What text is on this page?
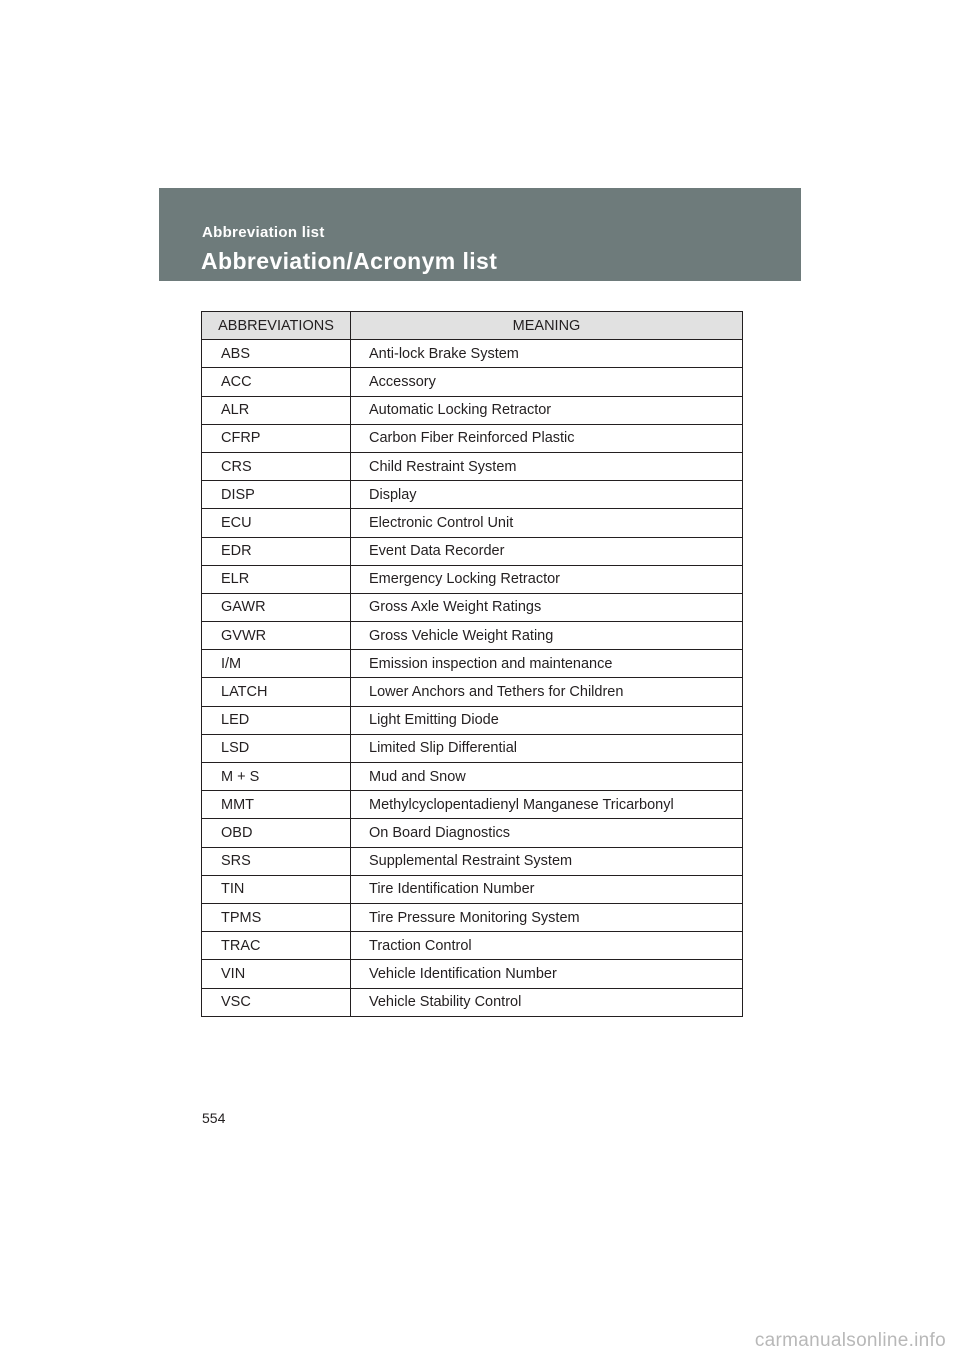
Abbreviation list
Abbreviation/Acronym list
ABBREVIATIONS	MEANING
ABS	Anti-lock Brake System
ACC	Accessory
ALR	Automatic Locking Retractor
CFRP	Carbon Fiber Reinforced Plastic
CRS	Child Restraint System
DISP	Display
ECU	Electronic Control Unit
EDR	Event Data Recorder
ELR	Emergency Locking Retractor
GAWR	Gross Axle Weight Ratings
GVWR	Gross Vehicle Weight Rating
I/M	Emission inspection and maintenance
LATCH	Lower Anchors and Tethers for Children
LED	Light Emitting Diode
LSD	Limited Slip Differential
M + S	Mud and Snow
MMT	Methylcyclopentadienyl Manganese Tricarbonyl
OBD	On Board Diagnostics
SRS	Supplemental Restraint System
TIN	Tire Identification Number
TPMS	Tire Pressure Monitoring System
TRAC	Traction Control
VIN	Vehicle Identification Number
VSC	Vehicle Stability Control
554
carmanualsonline.info
